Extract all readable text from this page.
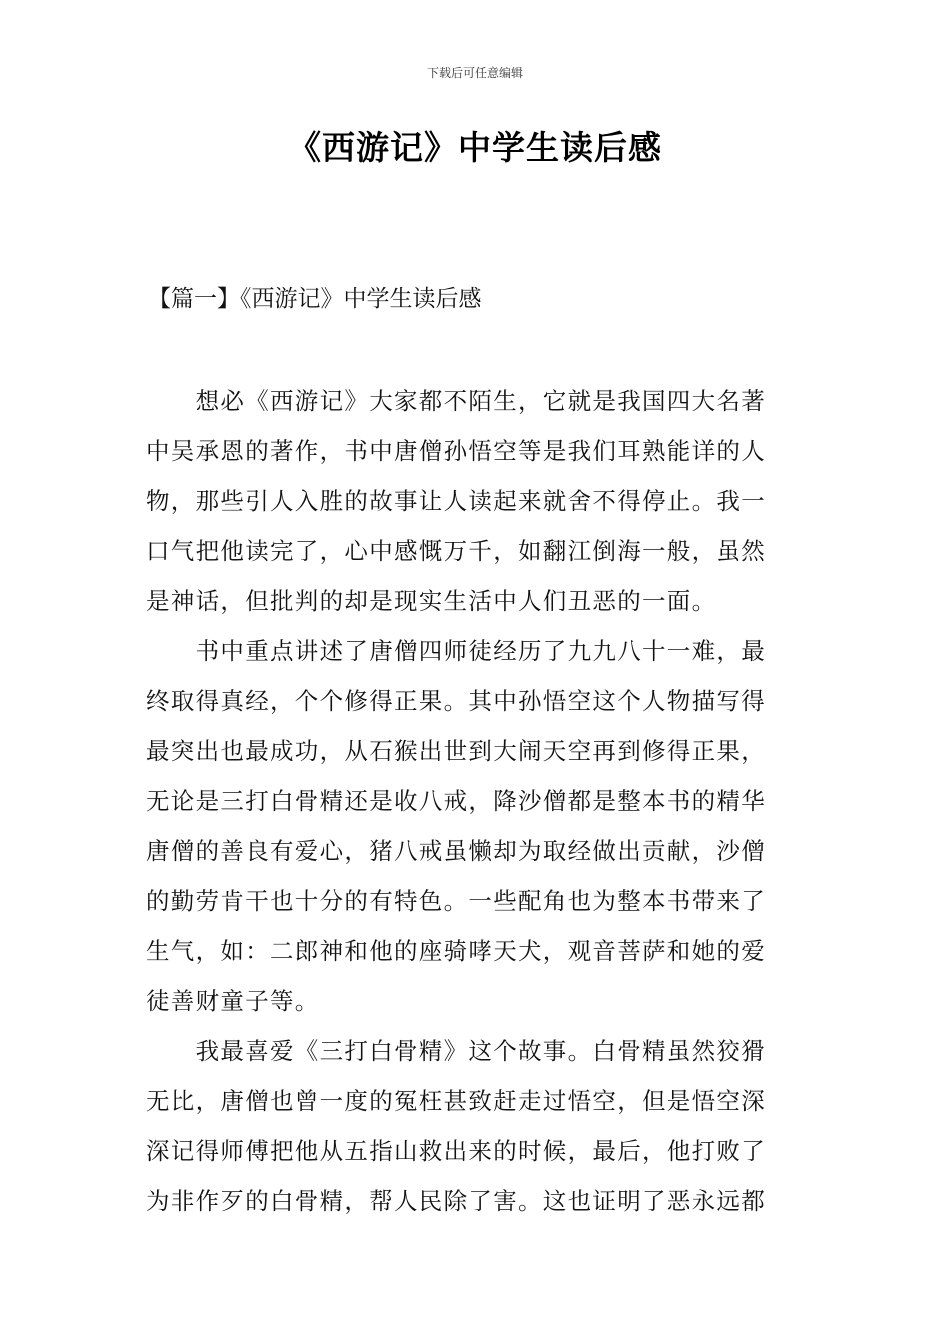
下载后可任意编辑
《西游记》中学生读后感
【篇一】《西游记》中学生读后感
　　想必《西游记》大家都不陌生，它就是我国四大名著
中吴承恩的著作，书中唐僧孙悟空等是我们耳熟能详的人
物，那些引人入胜的故事让人读起来就舍不得停止。我一
口气把他读完了，心中感慨万千，如翻江倒海一般，虽然
是神话，但批判的却是现实生活中人们丑恶的一面。
　　书中重点讲述了唐僧四师徒经历了九九八十一难，最
终取得真经，个个修得正果。其中孙悟空这个人物描写得
最突出也最成功，从石猴出世到大闹天空再到修得正果，
无论是三打白骨精还是收八戒，降沙僧都是整本书的精华
唐僧的善良有爱心，猪八戒虽懒却为取经做出贡献，沙僧
的勤劳肯干也十分的有特色。一些配角也为整本书带来了
生气，如：二郎神和他的座骑哮天犬，观音菩萨和她的爱
徒善财童子等。
　　我最喜爱《三打白骨精》这个故事。白骨精虽然狡猾
无比，唐僧也曾一度的冤枉甚致赶走过悟空，但是悟空深
深记得师傅把他从五指山救出来的时候，最后，他打败了
为非作歹的白骨精，帮人民除了害。这也证明了恶永远都
